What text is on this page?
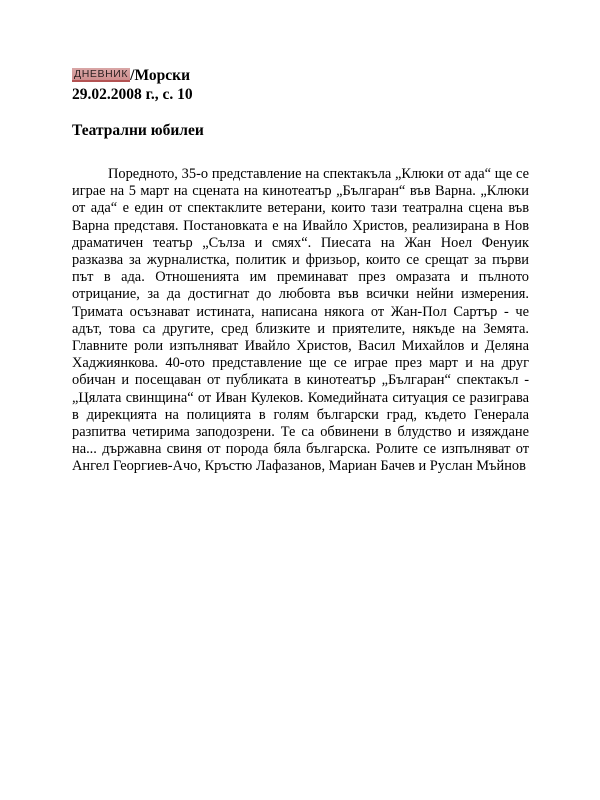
ДНЕВНИК /Морски
29.02.2008 г., с. 10
Театрални юбилеи
Поредното, 35-о представление на спектакъла „Клюки от ада“ ще се играе на 5 март на сцената на кинотеатър „Българан“ във Варна. „Клюки от ада“ е един от спектаклите ветерани, които тази театрална сцена във Варна представя. Постановката е на Ивайло Христов, реализирана в Нов драматичен театър „Сълза и смях“. Пиесата на Жан Ноел Фенуик разказва за журналистка, политик и фризьор, които се срещат за първи път в ада. Отношенията им преминават през омразата и пълното отрицание, за да достигнат до любовта във всички нейни измерения. Тримата осъзнават истината, написана някога от Жан-Пол Сартър - че адът, това са другите, сред близките и приятелите, някъде на Земята. Главните роли изпълняват Ивайло Христов, Васил Михайлов и Деляна Хаджиянкова. 40-ото представление ще се играе през март и на друг обичан и посещаван от публиката в кинотеатър „Българан“ спектакъл - „Цялата свинщина“ от Иван Кулеков. Комедийната ситуация се разиграва в дирекцията на полицията в голям български град, където Генерала разпитва четирима заподозрени. Те са обвинени в блудство и изяждане на... държавна свиня от порода бяла българска. Ролите се изпълняват от Ангел Георгиев-Ачо, Кръстю Лафазанов, Мариан Бачев и Руслан Мъйнов
